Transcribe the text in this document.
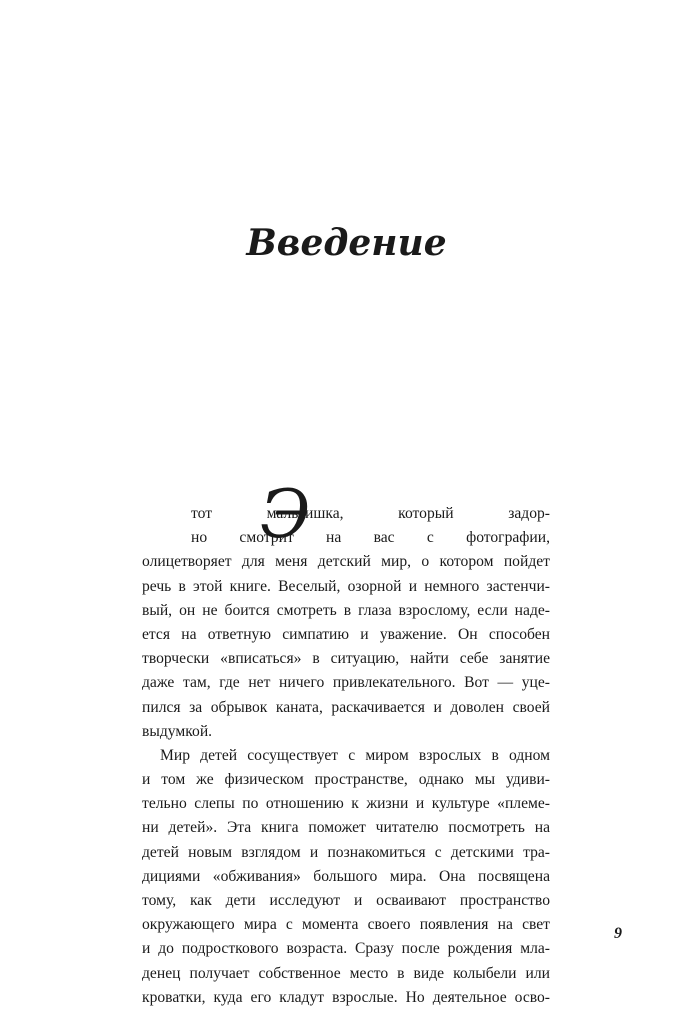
Введение
Э
тот мальчишка, который задор-
но смотрит на вас с фотографии,
олицетворяет для меня детский мир, о котором пойдет
речь в этой книге. Веселый, озорной и немного застенчи-
вый, он не боится смотреть в глаза взрослому, если наде-
ется на ответную симпатию и уважение. Он способен
творчески «вписаться» в ситуацию, найти себе занятие
даже там, где нет ничего привлекательного. Вот — уце-
пился за обрывок каната, раскачивается и доволен своей
выдумкой.
Мир детей сосуществует с миром взрослых в одном
и том же физическом пространстве, однако мы удиви-
тельно слепы по отношению к жизни и культуре «племе-
ни детей». Эта книга поможет читателю посмотреть на
детей новым взглядом и познакомиться с детскими тра-
дициями «обживания» большого мира. Она посвящена
тому, как дети исследуют и осваивают пространство
окружающего мира с момента своего появления на свет
и до подросткового возраста. Сразу после рождения мла-
денец получает собственное место в виде колыбели или
кроватки, куда его кладут взрослые. Но деятельное осво-
9
